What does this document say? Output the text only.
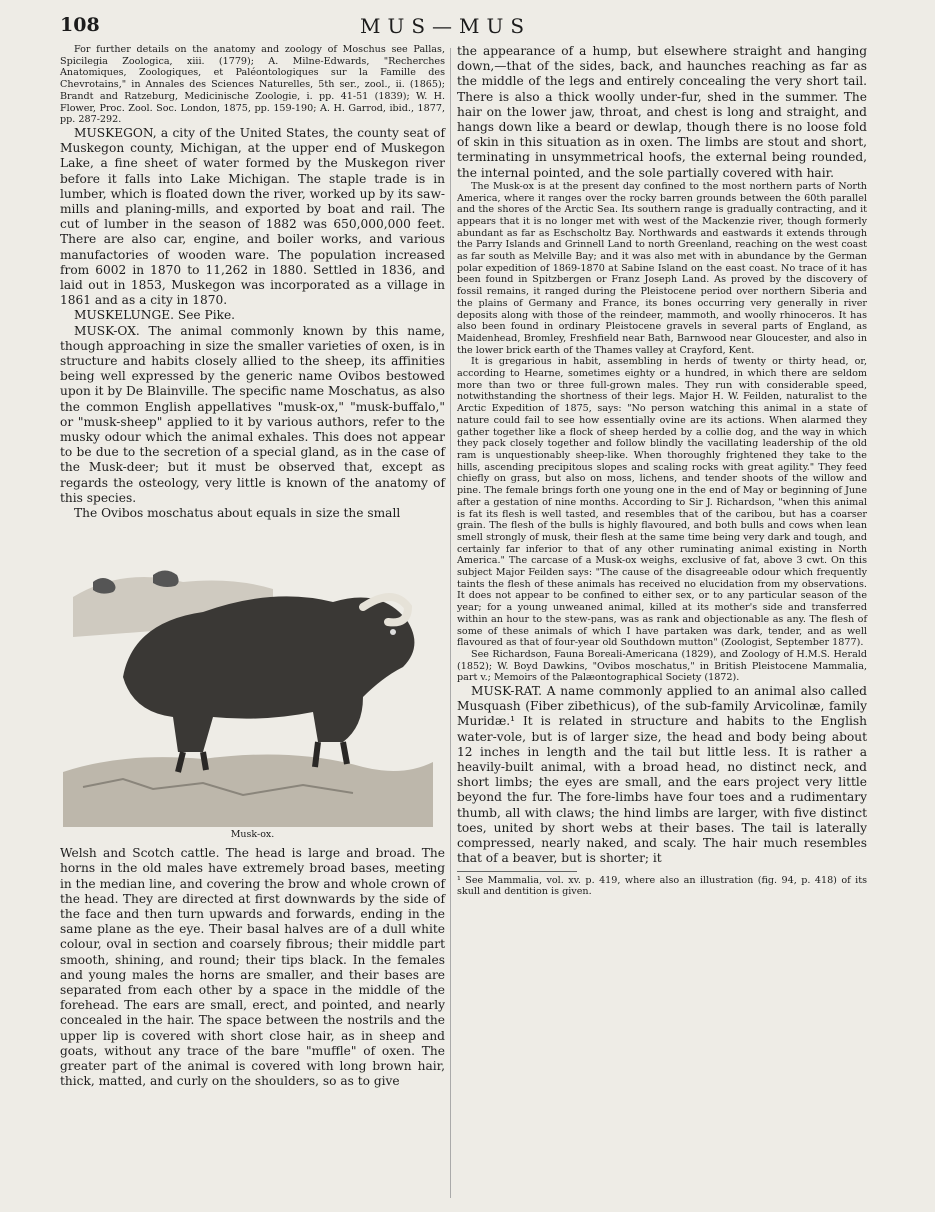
108	MUS—MUS

For further details on the anatomy and zoology of Moschus see Pallas, Spicilegia Zoologica, xiii. (1779); A. Milne-Edwards, "Recherches Anatomiques, Zoologiques, et Paléontologiques sur la Famille des Chevrotains," in Annales des Sciences Naturelles, 5th ser., zool., ii. (1865); Brandt and Ratzeburg, Medicinische Zoologie, i. pp. 41-51 (1839); W. H. Flower, Proc. Zool. Soc. London, 1875, pp. 159-190; A. H. Garrod, ibid., 1877, pp. 287-292.

MUSKEGON, a city of the United States, the county seat of Muskegon county, Michigan, at the upper end of Muskegon Lake, a fine sheet of water formed by the Muskegon river before it falls into Lake Michigan. The staple trade is in lumber, which is floated down the river, worked up by its saw-mills and planing-mills, and exported by boat and rail. The cut of lumber in the season of 1882 was 650,000,000 feet. There are also car, engine, and boiler works, and various manufactories of wooden ware. The population increased from 6002 in 1870 to 11,262 in 1880. Settled in 1836, and laid out in 1853, Muskegon was incorporated as a village in 1861 and as a city in 1870.

MUSKELUNGE. See Pike.

MUSK-OX. The animal commonly known by this name, though approaching in size the smaller varieties of oxen, is in structure and habits closely allied to the sheep, its affinities being well expressed by the generic name Ovibos bestowed upon it by De Blainville. The specific name Moschatus, as also the common English appellatives "musk-ox," "musk-buffalo," or "musk-sheep" applied to it by various authors, refer to the musky odour which the animal exhales. This does not appear to be due to the secretion of a special gland, as in the case of the Musk-deer; but it must be observed that, except as regards the osteology, very little is known of the anatomy of this species.

The Ovibos moschatus about equals in size the small

Musk-ox.

Welsh and Scotch cattle. The head is large and broad. The horns in the old males have extremely broad bases, meeting in the median line, and covering the brow and whole crown of the head. They are directed at first downwards by the side of the face and then turn upwards and forwards, ending in the same plane as the eye. Their basal halves are of a dull white colour, oval in section and coarsely fibrous; their middle part smooth, shining, and round; their tips black. In the females and young males the horns are smaller, and their bases are separated from each other by a space in the middle of the forehead. The ears are small, erect, and pointed, and nearly concealed in the hair. The space between the nostrils and the upper lip is covered with short close hair, as in sheep and goats, without any trace of the bare "muffle" of oxen. The greater part of the animal is covered with long brown hair, thick, matted, and curly on the shoulders, so as to give

the appearance of a hump, but elsewhere straight and hanging down,—that of the sides, back, and haunches reaching as far as the middle of the legs and entirely concealing the very short tail. There is also a thick woolly under-fur, shed in the summer. The hair on the lower jaw, throat, and chest is long and straight, and hangs down like a beard or dewlap, though there is no loose fold of skin in this situation as in oxen. The limbs are stout and short, terminating in unsymmetrical hoofs, the external being rounded, the internal pointed, and the sole partially covered with hair.

The Musk-ox is at the present day confined to the most northern parts of North America, where it ranges over the rocky barren grounds between the 60th parallel and the shores of the Arctic Sea. Its southern range is gradually contracting, and it appears that it is no longer met with west of the Mackenzie river, though formerly abundant as far as Eschscholtz Bay. Northwards and eastwards it extends through the Parry Islands and Grinnell Land to north Greenland, reaching on the west coast as far south as Melville Bay; and it was also met with in abundance by the German polar expedition of 1869-1870 at Sabine Island on the east coast. No trace of it has been found in Spitzbergen or Franz Joseph Land. As proved by the discovery of fossil remains, it ranged during the Pleistocene period over northern Siberia and the plains of Germany and France, its bones occurring very generally in river deposits along with those of the reindeer, mammoth, and woolly rhinoceros. It has also been found in ordinary Pleistocene gravels in several parts of England, as Maidenhead, Bromley, Freshfield near Bath, Barnwood near Gloucester, and also in the lower brick earth of the Thames valley at Crayford, Kent.

It is gregarious in habit, assembling in herds of twenty or thirty head, or, according to Hearne, sometimes eighty or a hundred, in which there are seldom more than two or three full-grown males. They run with considerable speed, notwithstanding the shortness of their legs. Major H. W. Feilden, naturalist to the Arctic Expedition of 1875, says: "No person watching this animal in a state of nature could fail to see how essentially ovine are its actions. When alarmed they gather together like a flock of sheep herded by a collie dog, and the way in which they pack closely together and follow blindly the vacillating leadership of the old ram is unquestionably sheep-like. When thoroughly frightened they take to the hills, ascending precipitous slopes and scaling rocks with great agility." They feed chiefly on grass, but also on moss, lichens, and tender shoots of the willow and pine. The female brings forth one young one in the end of May or beginning of June after a gestation of nine months. According to Sir J. Richardson, "when this animal is fat its flesh is well tasted, and resembles that of the caribou, but has a coarser grain. The flesh of the bulls is highly flavoured, and both bulls and cows when lean smell strongly of musk, their flesh at the same time being very dark and tough, and certainly far inferior to that of any other ruminating animal existing in North America." The carcase of a Musk-ox weighs, exclusive of fat, above 3 cwt. On this subject Major Feilden says: "The cause of the disagreeable odour which frequently taints the flesh of these animals has received no elucidation from my observations. It does not appear to be confined to either sex, or to any particular season of the year; for a young unweaned animal, killed at its mother's side and transferred within an hour to the stew-pans, was as rank and objectionable as any. The flesh of some of these animals of which I have partaken was dark, tender, and as well flavoured as that of four-year old Southdown mutton" (Zoologist, September 1877).

See Richardson, Fauna Boreali-Americana (1829), and Zoology of H.M.S. Herald (1852); W. Boyd Dawkins, "Ovibos moschatus," in British Pleistocene Mammalia, part v.; Memoirs of the Palæontographical Society (1872).

MUSK-RAT. A name commonly applied to an animal also called Musquash (Fiber zibethicus), of the sub-family Arvicolinæ, family Muridæ.¹ It is related in structure and habits to the English water-vole, but is of larger size, the head and body being about 12 inches in length and the tail but little less. It is rather a heavily-built animal, with a broad head, no distinct neck, and short limbs; the eyes are small, and the ears project very little beyond the fur. The fore-limbs have four toes and a rudimentary thumb, all with claws; the hind limbs are larger, with five distinct toes, united by short webs at their bases. The tail is laterally compressed, nearly naked, and scaly. The hair much resembles that of a beaver, but is shorter; it

¹ See Mammalia, vol. xv. p. 419, where also an illustration (fig. 94, p. 418) of its skull and dentition is given.
